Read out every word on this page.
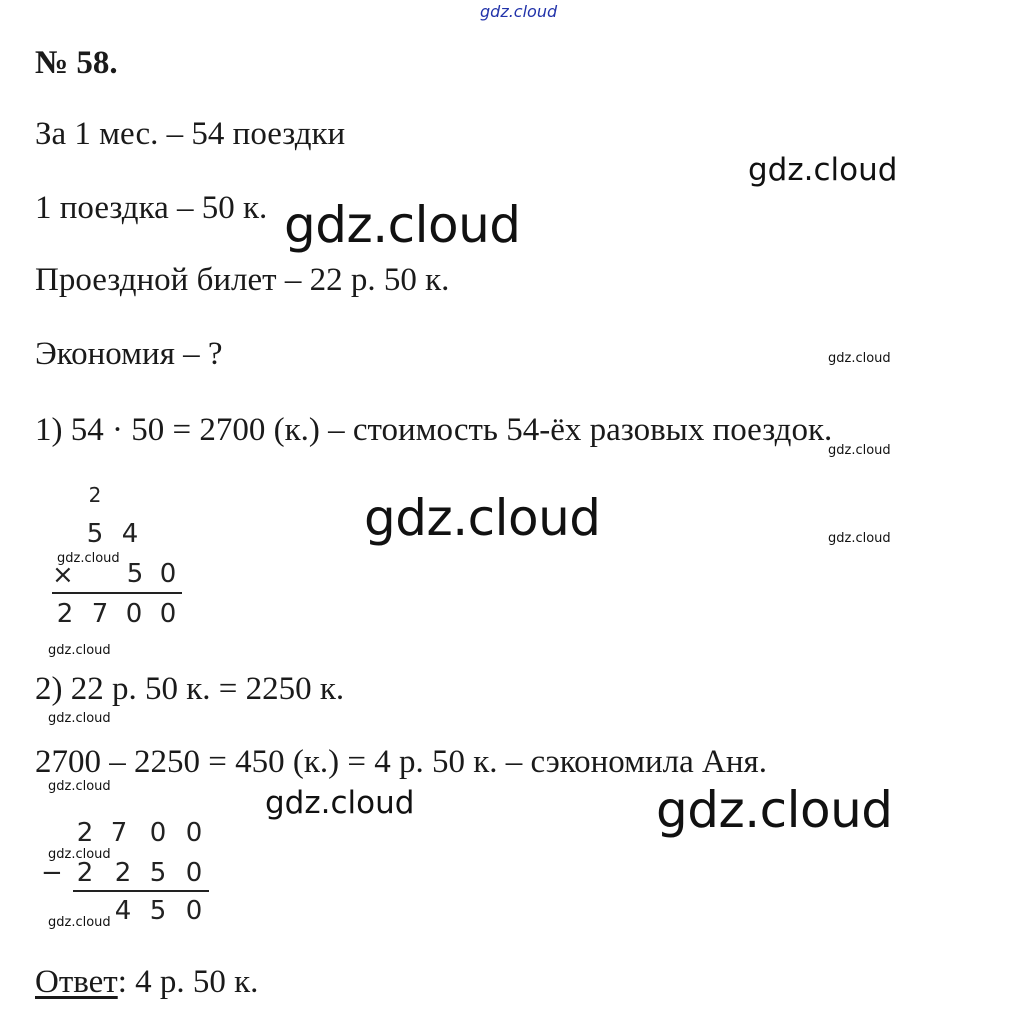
gdz.cloud
№ 58.
За 1 мес. – 54 поездки
1 поездка – 50 к.
Проездной билет – 22 р. 50 к.
Экономия – ?
1) 54 · 50 = 2700 (к.) – стоимость 54-ёх разовых поездок.
2
5 4
× 5 0
2 7 0 0
2) 22 р. 50 к. = 2250 к.
2700 – 2250 = 450 (к.) = 4 р. 50 к. – сэкономила Аня.
2 7 0 0
− 2 2 5 0
4 5 0
Ответ: 4 р. 50 к.
gdz.cloud
gdz.cloud
gdz.cloud
gdz.cloud
gdz.cloud	gdz.cloud
gdz.cloud
gdz.cloud
gdz.cloud
gdz.cloud	gdz.cloud	gdz.cloud
gdz.cloud
gdz.cloud
